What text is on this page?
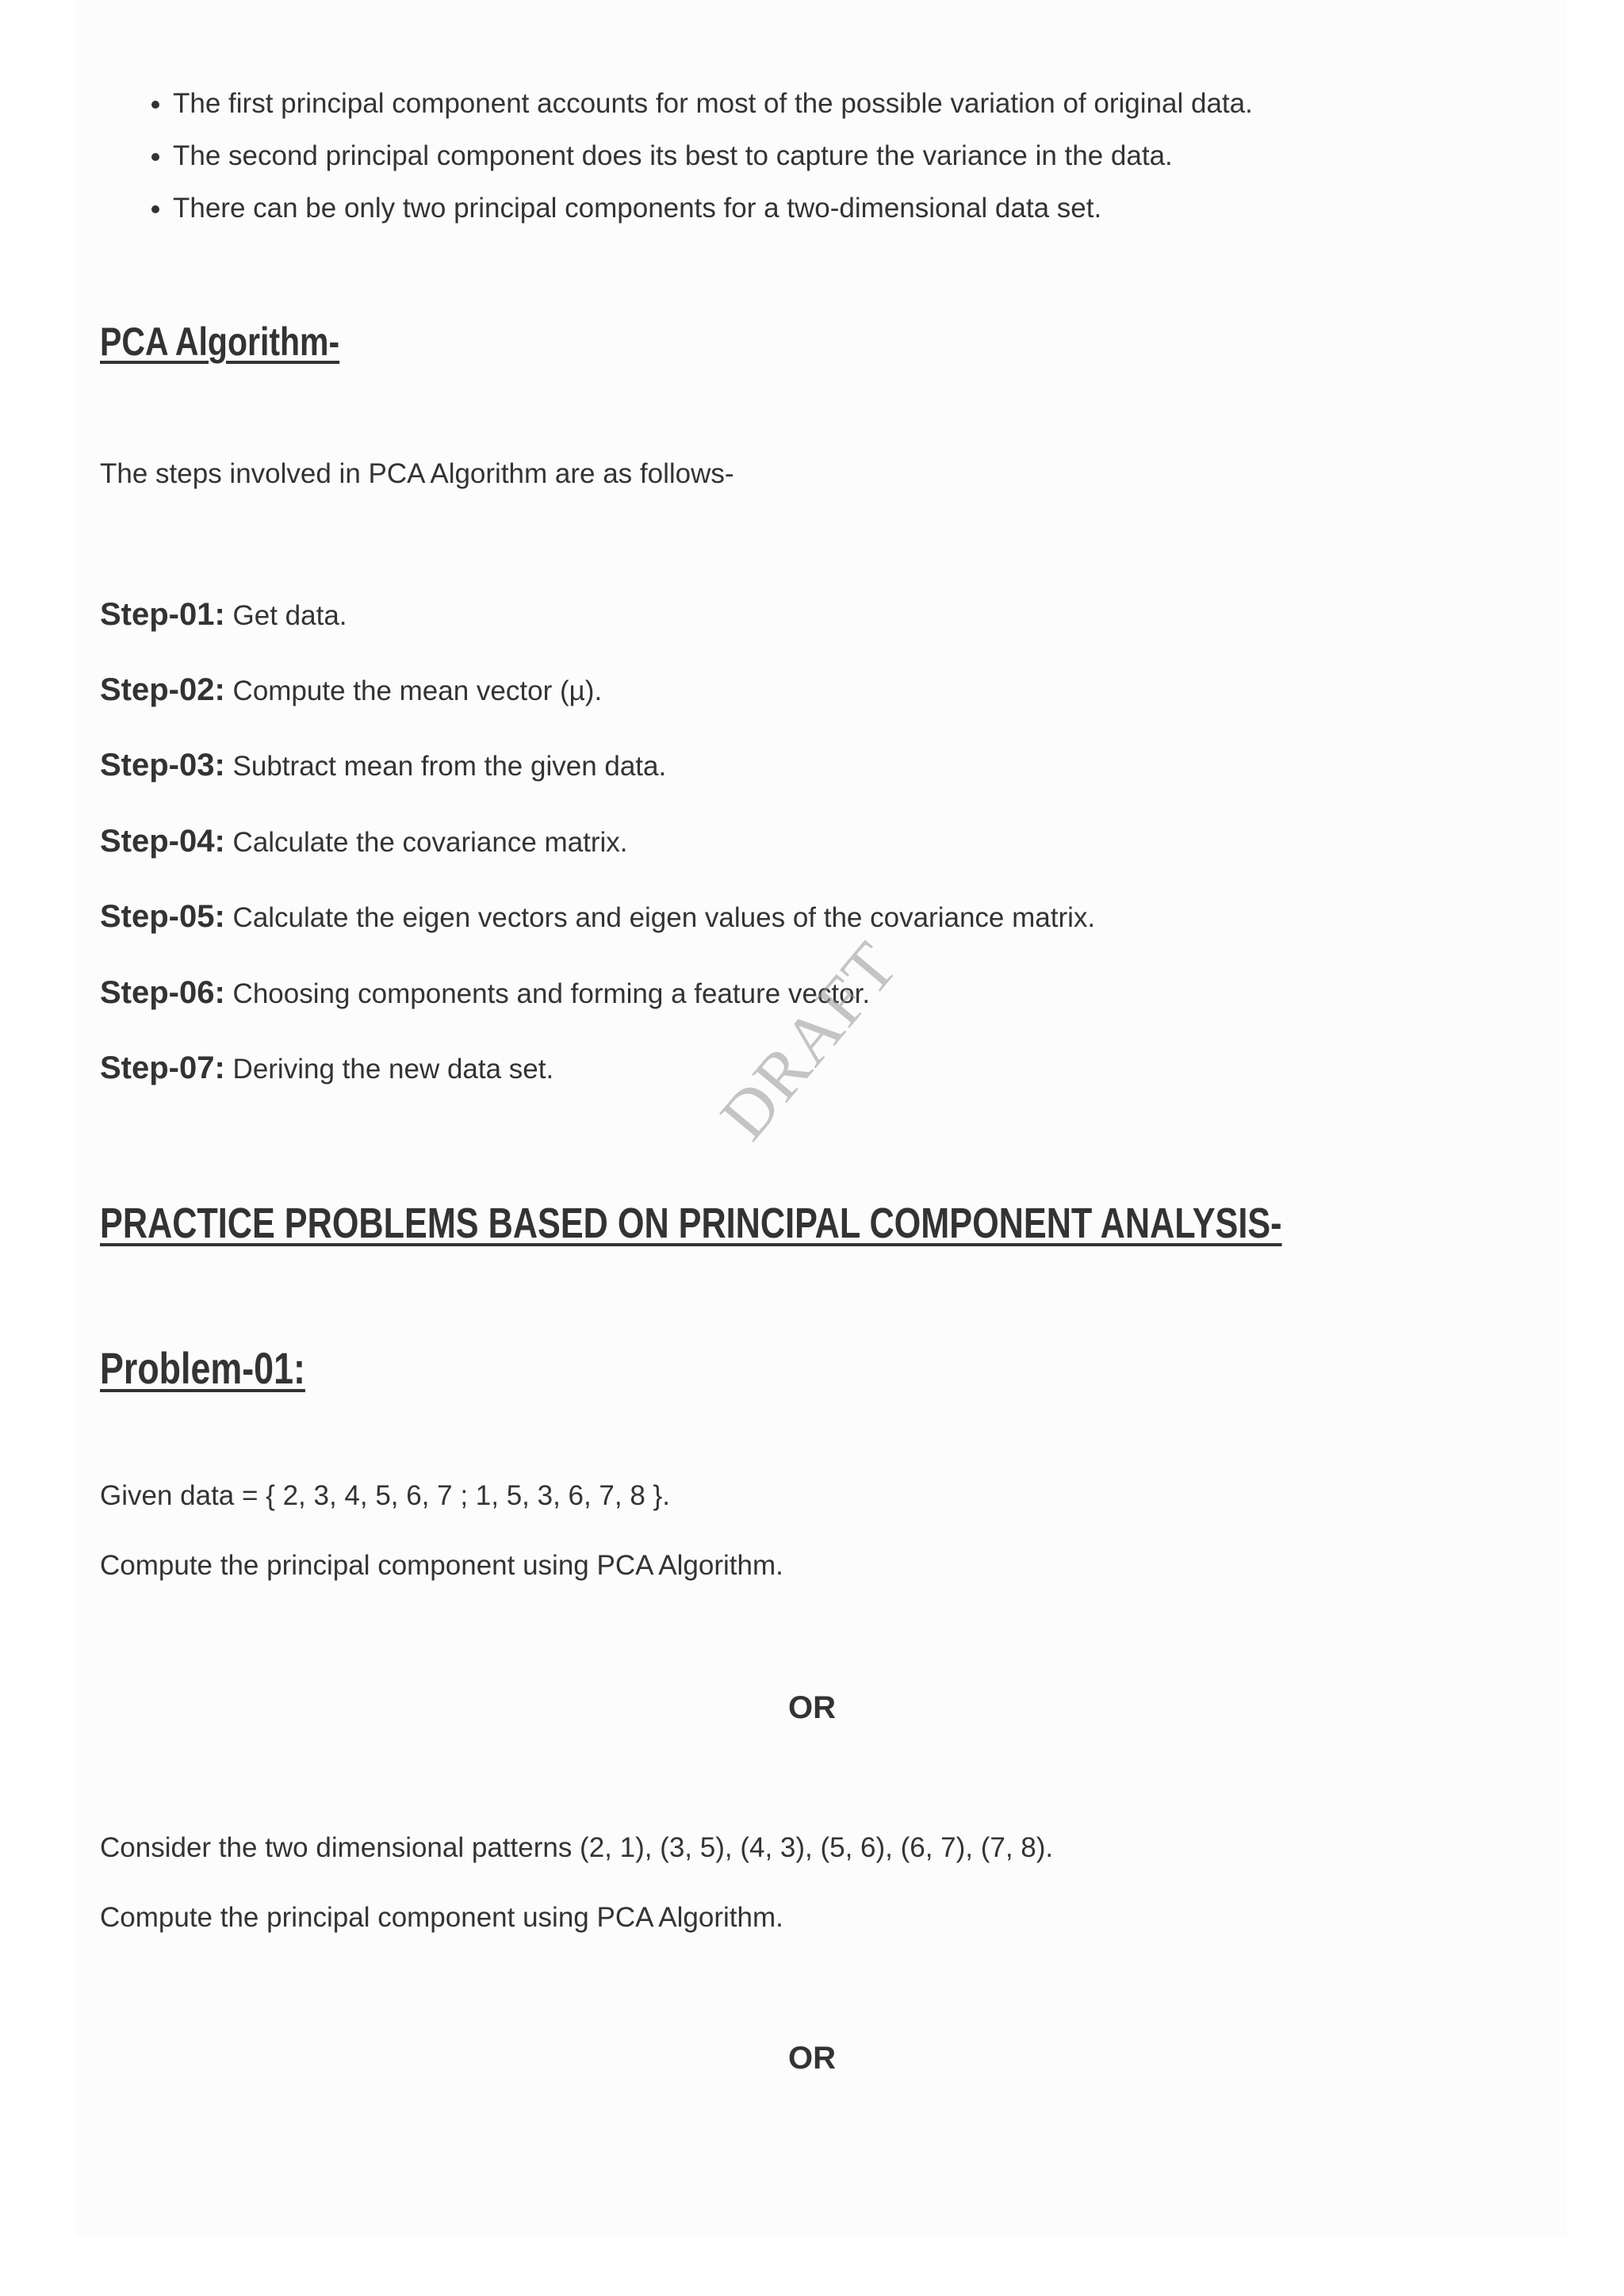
• The first principal component accounts for most of the possible variation of original data.
• The second principal component does its best to capture the variance in the data.
• There can be only two principal components for a two-dimensional data set.
PCA Algorithm-

The steps involved in PCA Algorithm are as follows-

Step-01: Get data.

Step-02: Compute the mean vector (µ).

Step-03: Subtract mean from the given data.

Step-04: Calculate the covariance matrix.

Step-05: Calculate the eigen vectors and eigen values of the covariance matrix.

Step-06: Choosing components and forming a feature vector.

Step-07: Deriving the new data set.

PRACTICE PROBLEMS BASED ON PRINCIPAL COMPONENT ANALYSIS-
Problem-01:

Given data = { 2, 3, 4, 5, 6, 7 ; 1, 5, 3, 6, 7, 8 }.

Compute the principal component using PCA Algorithm.

OR

Consider the two dimensional patterns (2, 1), (3, 5), (4, 3), (5, 6), (6, 7), (7, 8).

Compute the principal component using PCA Algorithm.

OR

DRAFT
